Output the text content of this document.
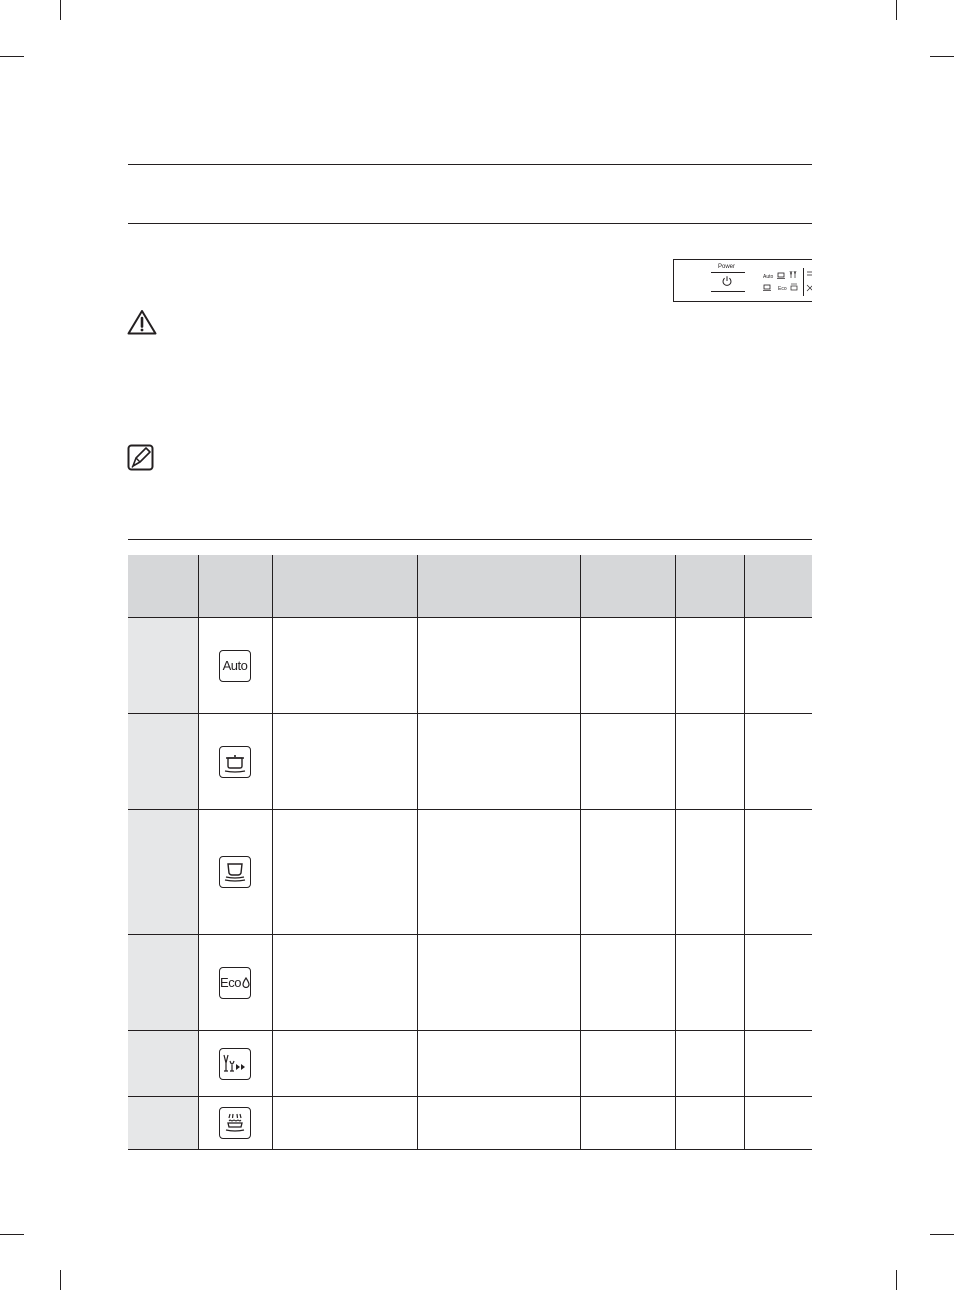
Power
Auto
Eco

	Auto					

	Eco					
